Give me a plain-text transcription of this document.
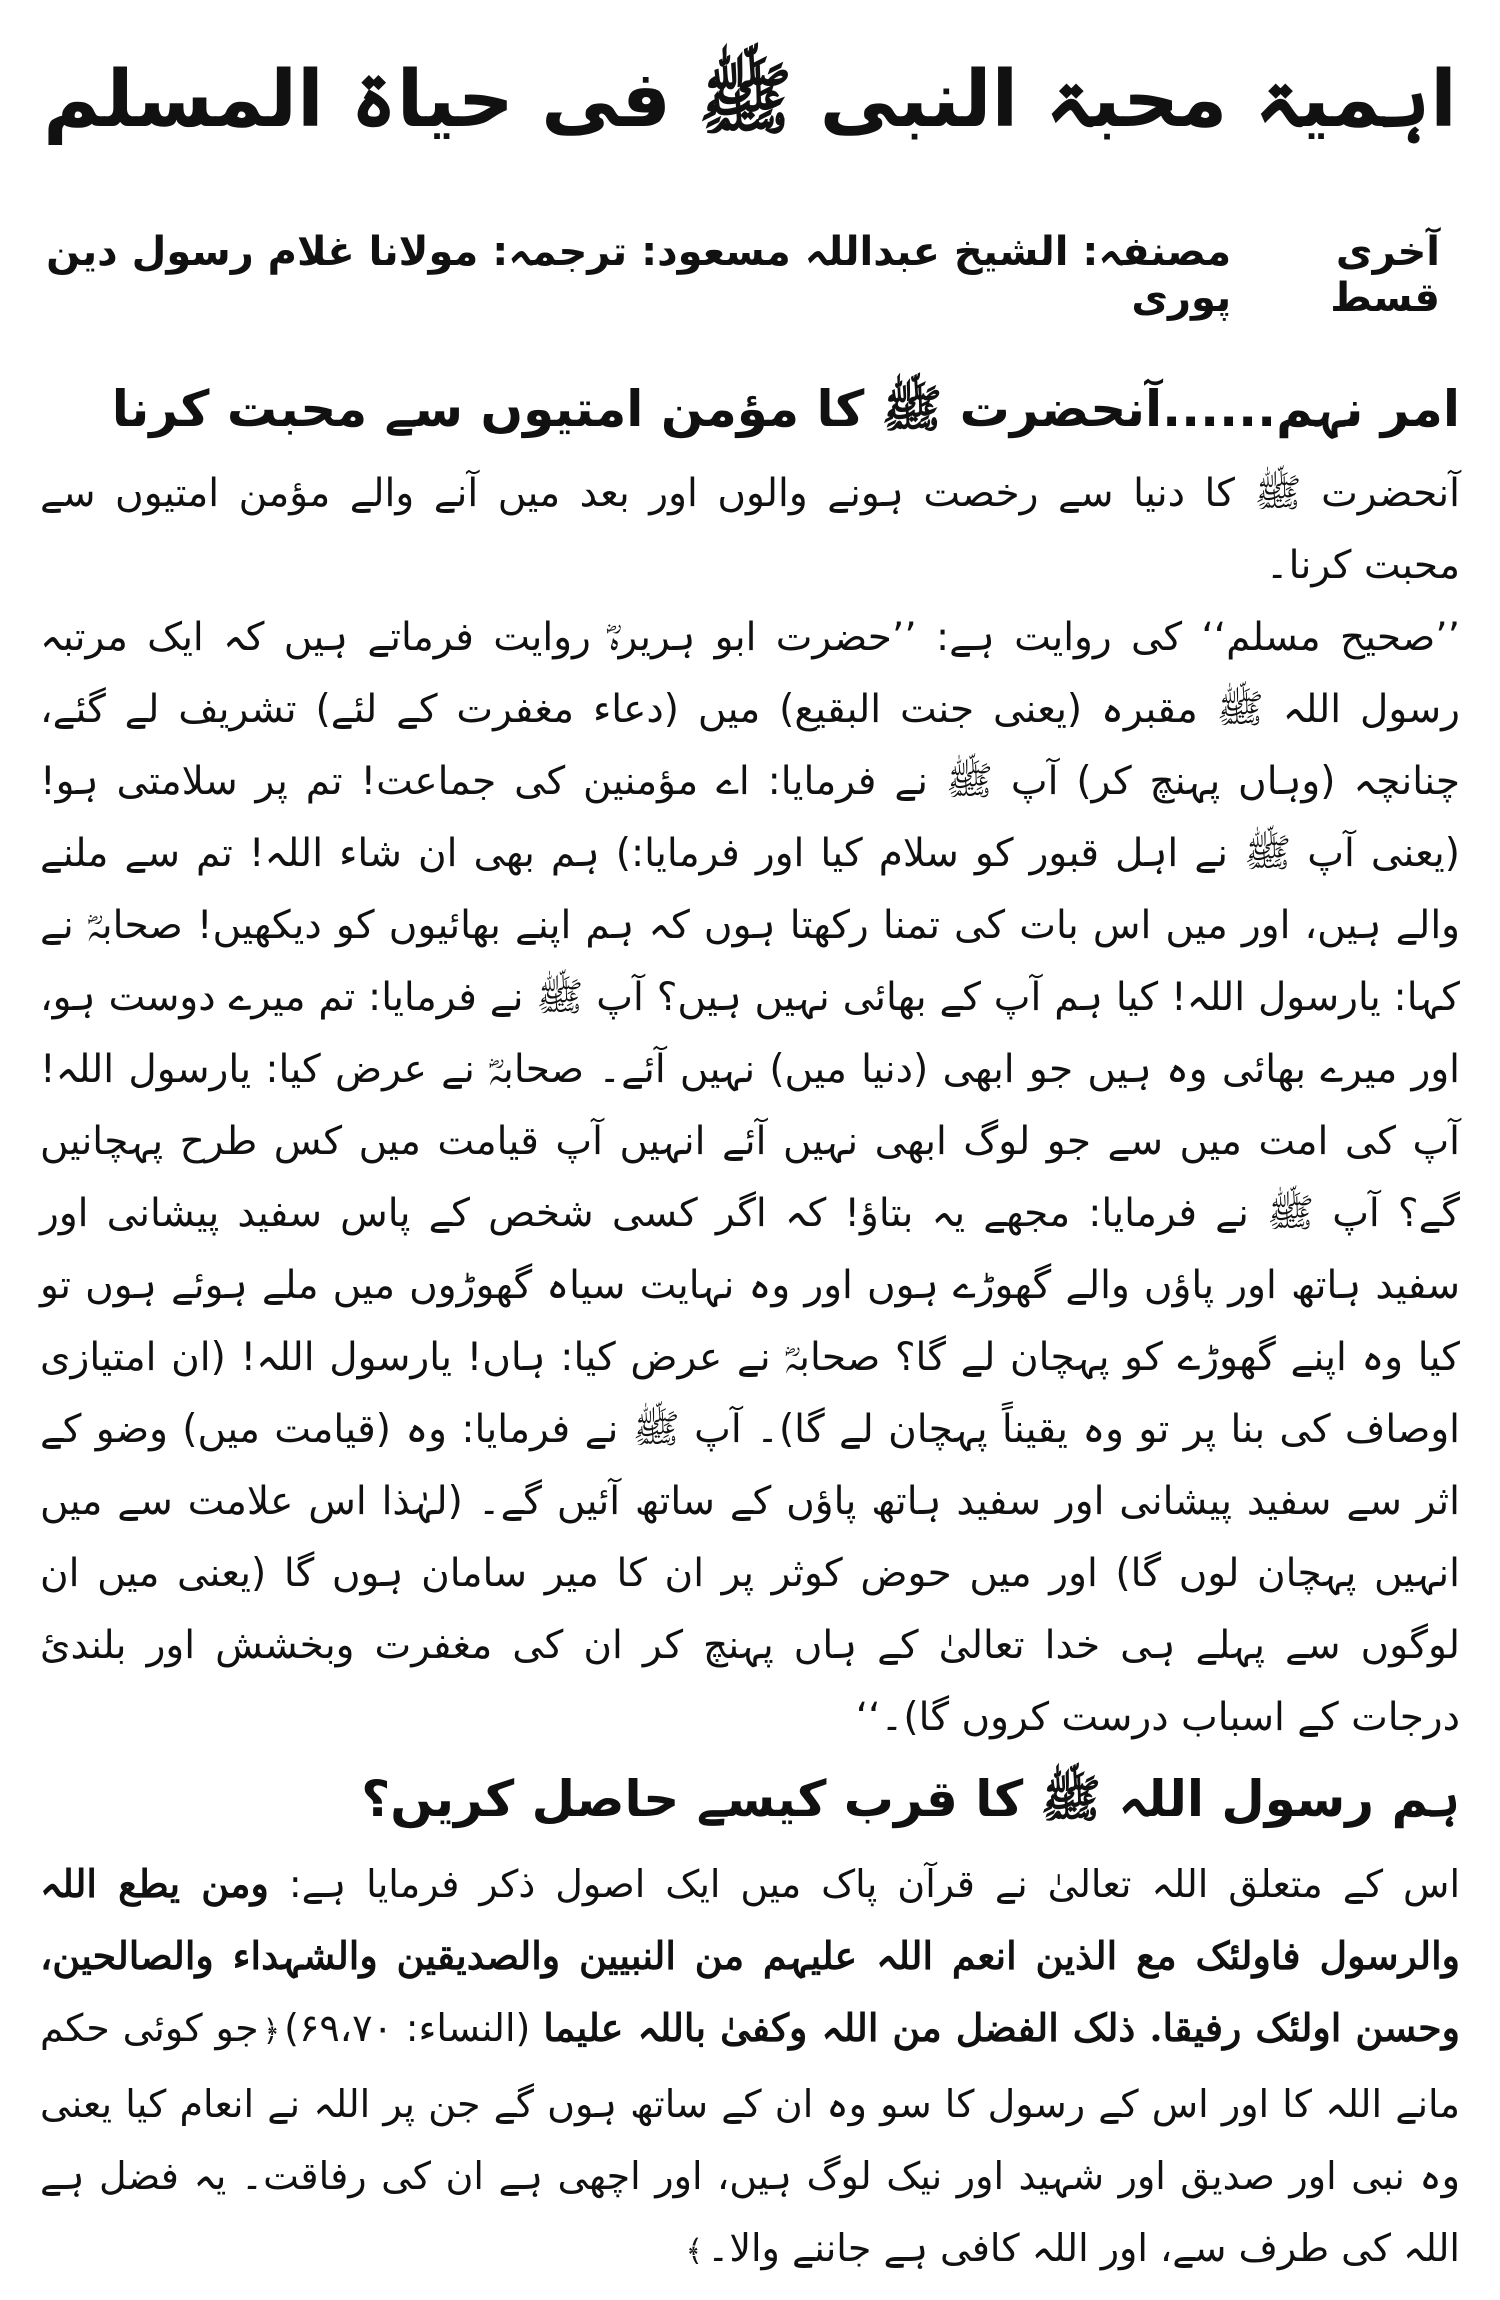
اہمیۃ محبۃ النبی ﷺ فی حیاۃ المسلم
آخری قسط
مصنفہ: الشیخ عبداللہ مسعود: ترجمہ: مولانا غلام رسول دین پوری
امر نہم......آنحضرت ﷺ کا مؤمن امتیوں سے محبت کرنا

آنحضرت ﷺ کا دنیا سے رخصت ہونے والوں اور بعد میں آنے والے مؤمن امتیوں سے محبت کرنا۔

’’صحیح مسلم‘‘ کی روایت ہے: ’’حضرت ابو ہریرہؓ روایت فرماتے ہیں کہ ایک مرتبہ رسول اللہ ﷺ مقبرہ (یعنی جنت البقیع) میں (دعاء مغفرت کے لئے) تشریف لے گئے، چنانچہ (وہاں پہنچ کر) آپ ﷺ نے فرمایا: اے مؤمنین کی جماعت! تم پر سلامتی ہو! (یعنی آپ ﷺ نے اہل قبور کو سلام کیا اور فرمایا:) ہم بھی ان شاء اللہ! تم سے ملنے والے ہیں، اور میں اس بات کی تمنا رکھتا ہوں کہ ہم اپنے بھائیوں کو دیکھیں! صحابہؓ نے کہا: یارسول اللہ! کیا ہم آپ کے بھائی نہیں ہیں؟ آپ ﷺ نے فرمایا: تم میرے دوست ہو، اور میرے بھائی وہ ہیں جو ابھی (دنیا میں) نہیں آئے۔ صحابہؓ نے عرض کیا: یارسول اللہ! آپ کی امت میں سے جو لوگ ابھی نہیں آئے انہیں آپ قیامت میں کس طرح پہچانیں گے؟ آپ ﷺ نے فرمایا: مجھے یہ بتاؤ! کہ اگر کسی شخص کے پاس سفید پیشانی اور سفید ہاتھ اور پاؤں والے گھوڑے ہوں اور وہ نہایت سیاہ گھوڑوں میں ملے ہوئے ہوں تو کیا وہ اپنے گھوڑے کو پہچان لے گا؟ صحابہؓ نے عرض کیا: ہاں! یارسول اللہ! (ان امتیازی اوصاف کی بنا پر تو وہ یقیناً پہچان لے گا)۔ آپ ﷺ نے فرمایا: وہ (قیامت میں) وضو کے اثر سے سفید پیشانی اور سفید ہاتھ پاؤں کے ساتھ آئیں گے۔ (لہٰذا اس علامت سے میں انہیں پہچان لوں گا) اور میں حوض کوثر پر ان کا میر سامان ہوں گا (یعنی میں ان لوگوں سے پہلے ہی خدا تعالیٰ کے ہاں پہنچ کر ان کی مغفرت وبخشش اور بلندئ درجات کے اسباب درست کروں گا)۔‘‘

ہم رسول اللہ ﷺ کا قرب کیسے حاصل کریں؟

اس کے متعلق اللہ تعالیٰ نے قرآن پاک میں ایک اصول ذکر فرمایا ہے: ومن یطع اللہ والرسول فاولئک مع الذین انعم اللہ علیہم من النبیین والصدیقین والشہداء والصالحین، وحسن اولئک رفیقا. ذلک الفضل من اللہ وکفیٰ باللہ علیما (النساء: ۶۹،۷۰)﴿جو کوئی حکم مانے اللہ کا اور اس کے رسول کا سو وہ ان کے ساتھ ہوں گے جن پر اللہ نے انعام کیا یعنی وہ نبی اور صدیق اور شہید اور نیک لوگ ہیں، اور اچھی ہے ان کی رفاقت۔ یہ فضل ہے اللہ کی طرف سے، اور اللہ کافی ہے جاننے والا۔﴾
